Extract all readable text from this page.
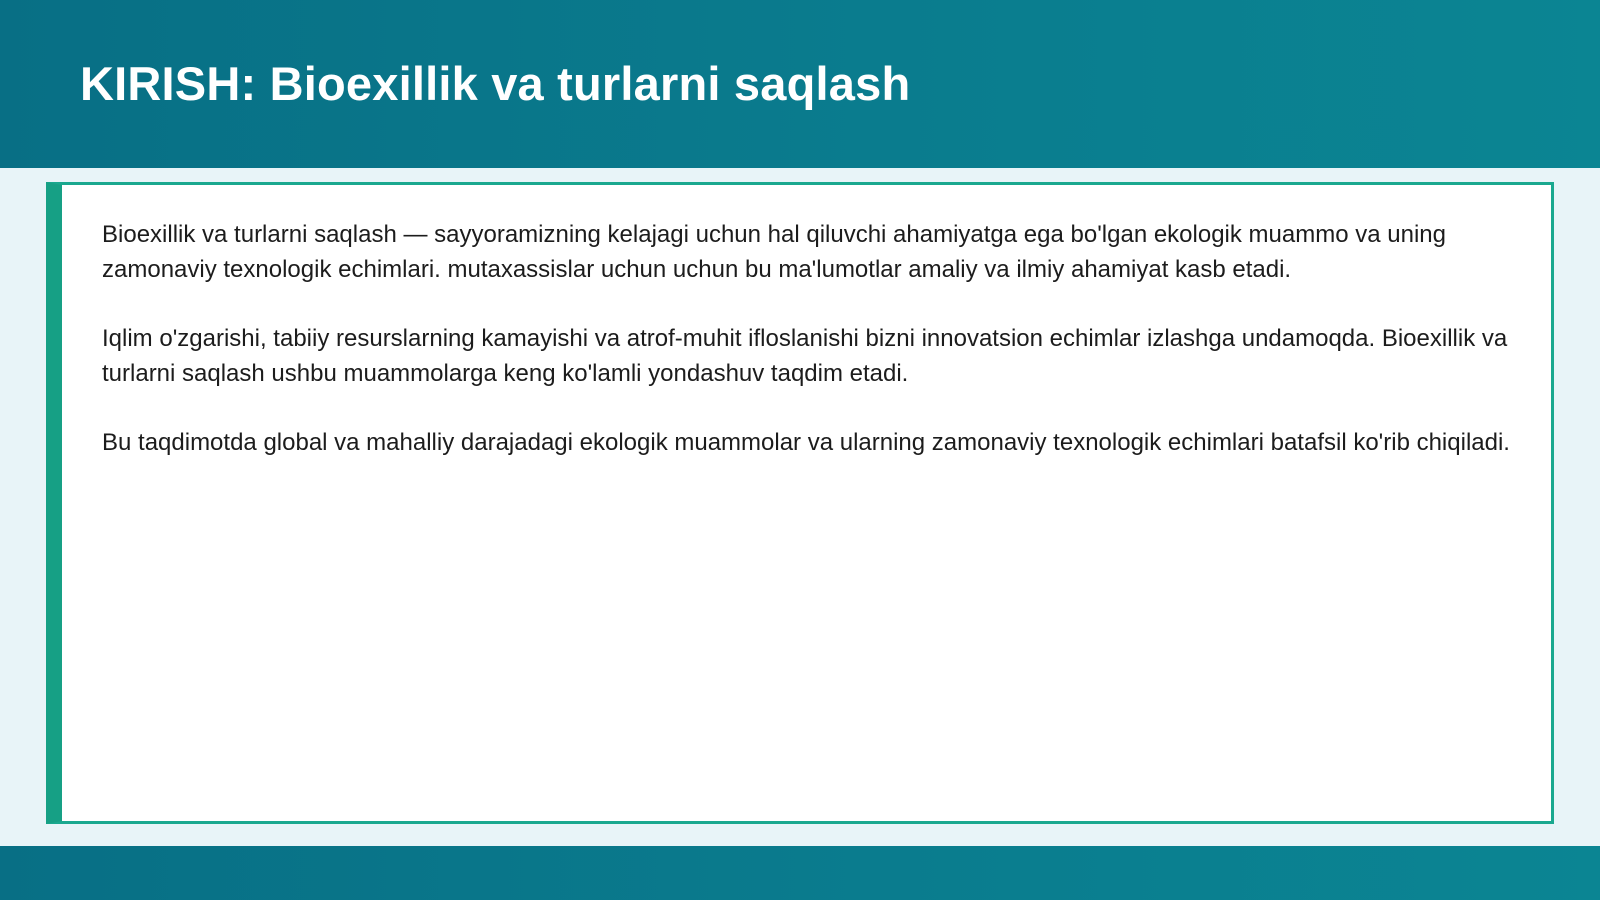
KIRISH: Bioexillik va turlarni saqlash

Bioexillik va turlarni saqlash — sayyoramizning kelajagi uchun hal qiluvchi ahamiyatga ega bo'lgan ekologik muammo va uning zamonaviy texnologik echimlari. mutaxassislar uchun uchun bu ma'lumotlar amaliy va ilmiy ahamiyat kasb etadi.

Iqlim o'zgarishi, tabiiy resurslarning kamayishi va atrof-muhit ifloslanishi bizni innovatsion echimlar izlashga undamoqda. Bioexillik va turlarni saqlash ushbu muammolarga keng ko'lamli yondashuv taqdim etadi.

Bu taqdimotda global va mahalliy darajadagi ekologik muammolar va ularning zamonaviy texnologik echimlari batafsil ko'rib chiqiladi.
